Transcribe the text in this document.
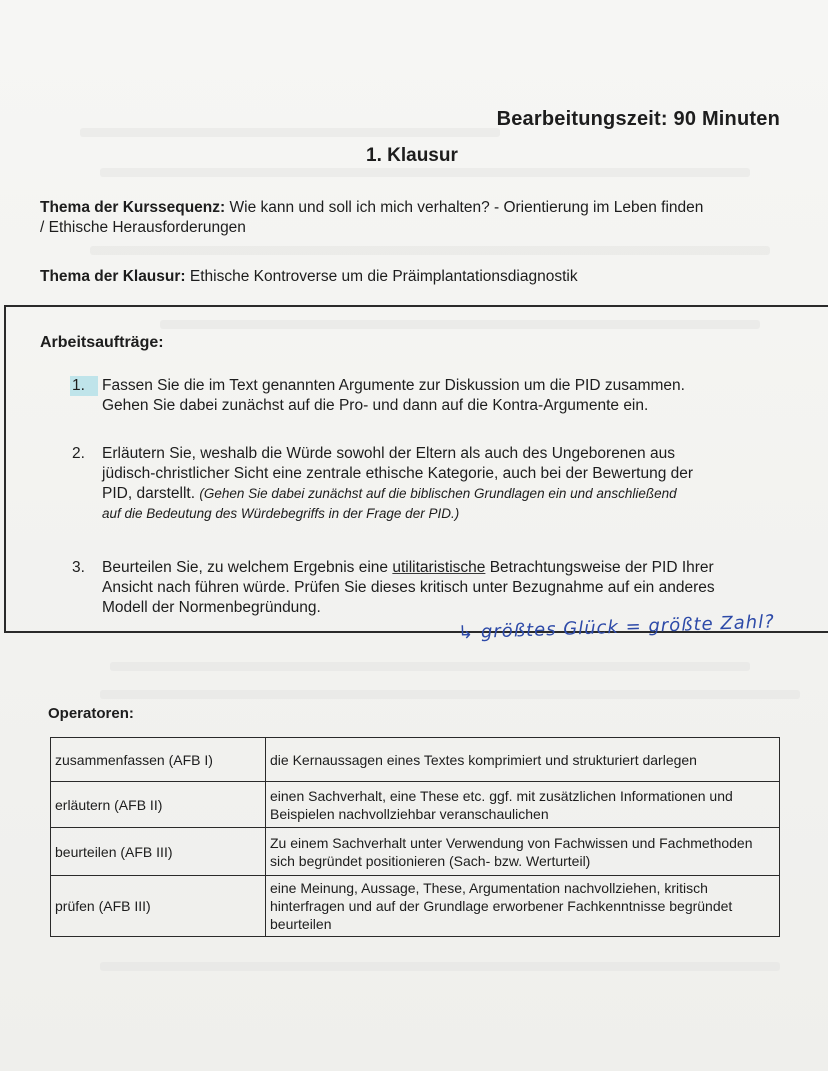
Bearbeitungszeit: 90 Minuten
1. Klausur
Thema der Kurssequenz: Wie kann und soll ich mich verhalten? - Orientierung im Leben finden
/ Ethische Herausforderungen
Thema der Klausur: Ethische Kontroverse um die Präimplantationsdiagnostik
Arbeitsaufträge:
1.	Fassen Sie die im Text genannten Argumente zur Diskussion um die PID zusammen.
Gehen Sie dabei zunächst auf die Pro- und dann auf die Kontra-Argumente ein.
2.	Erläutern Sie, weshalb die Würde sowohl der Eltern als auch des Ungeborenen aus
jüdisch-christlicher Sicht eine zentrale ethische Kategorie, auch bei der Bewertung der
PID, darstellt. (Gehen Sie dabei zunächst auf die biblischen Grundlagen ein und anschließend
auf die Bedeutung des Würdebegriffs in der Frage der PID.)
3.	Beurteilen Sie, zu welchem Ergebnis eine utilitaristische Betrachtungsweise der PID Ihrer
Ansicht nach führen würde. Prüfen Sie dieses kritisch unter Bezugnahme auf ein anderes
Modell der Normenbegründung.
↳ größtes Glück = größte Zahl?
Operatoren:
zusammenfassen (AFB I)	die Kernaussagen eines Textes komprimiert und strukturiert darlegen
erläutern (AFB II)	einen Sachverhalt, eine These etc. ggf. mit zusätzlichen Informationen und Beispielen nachvollziehbar veranschaulichen
beurteilen (AFB III)	Zu einem Sachverhalt unter Verwendung von Fachwissen und Fachmethoden sich begründet positionieren (Sach- bzw. Werturteil)
prüfen (AFB III)	eine Meinung, Aussage, These, Argumentation nachvollziehen, kritisch hinterfragen und auf der Grundlage erworbener Fachkenntnisse begründet beurteilen
